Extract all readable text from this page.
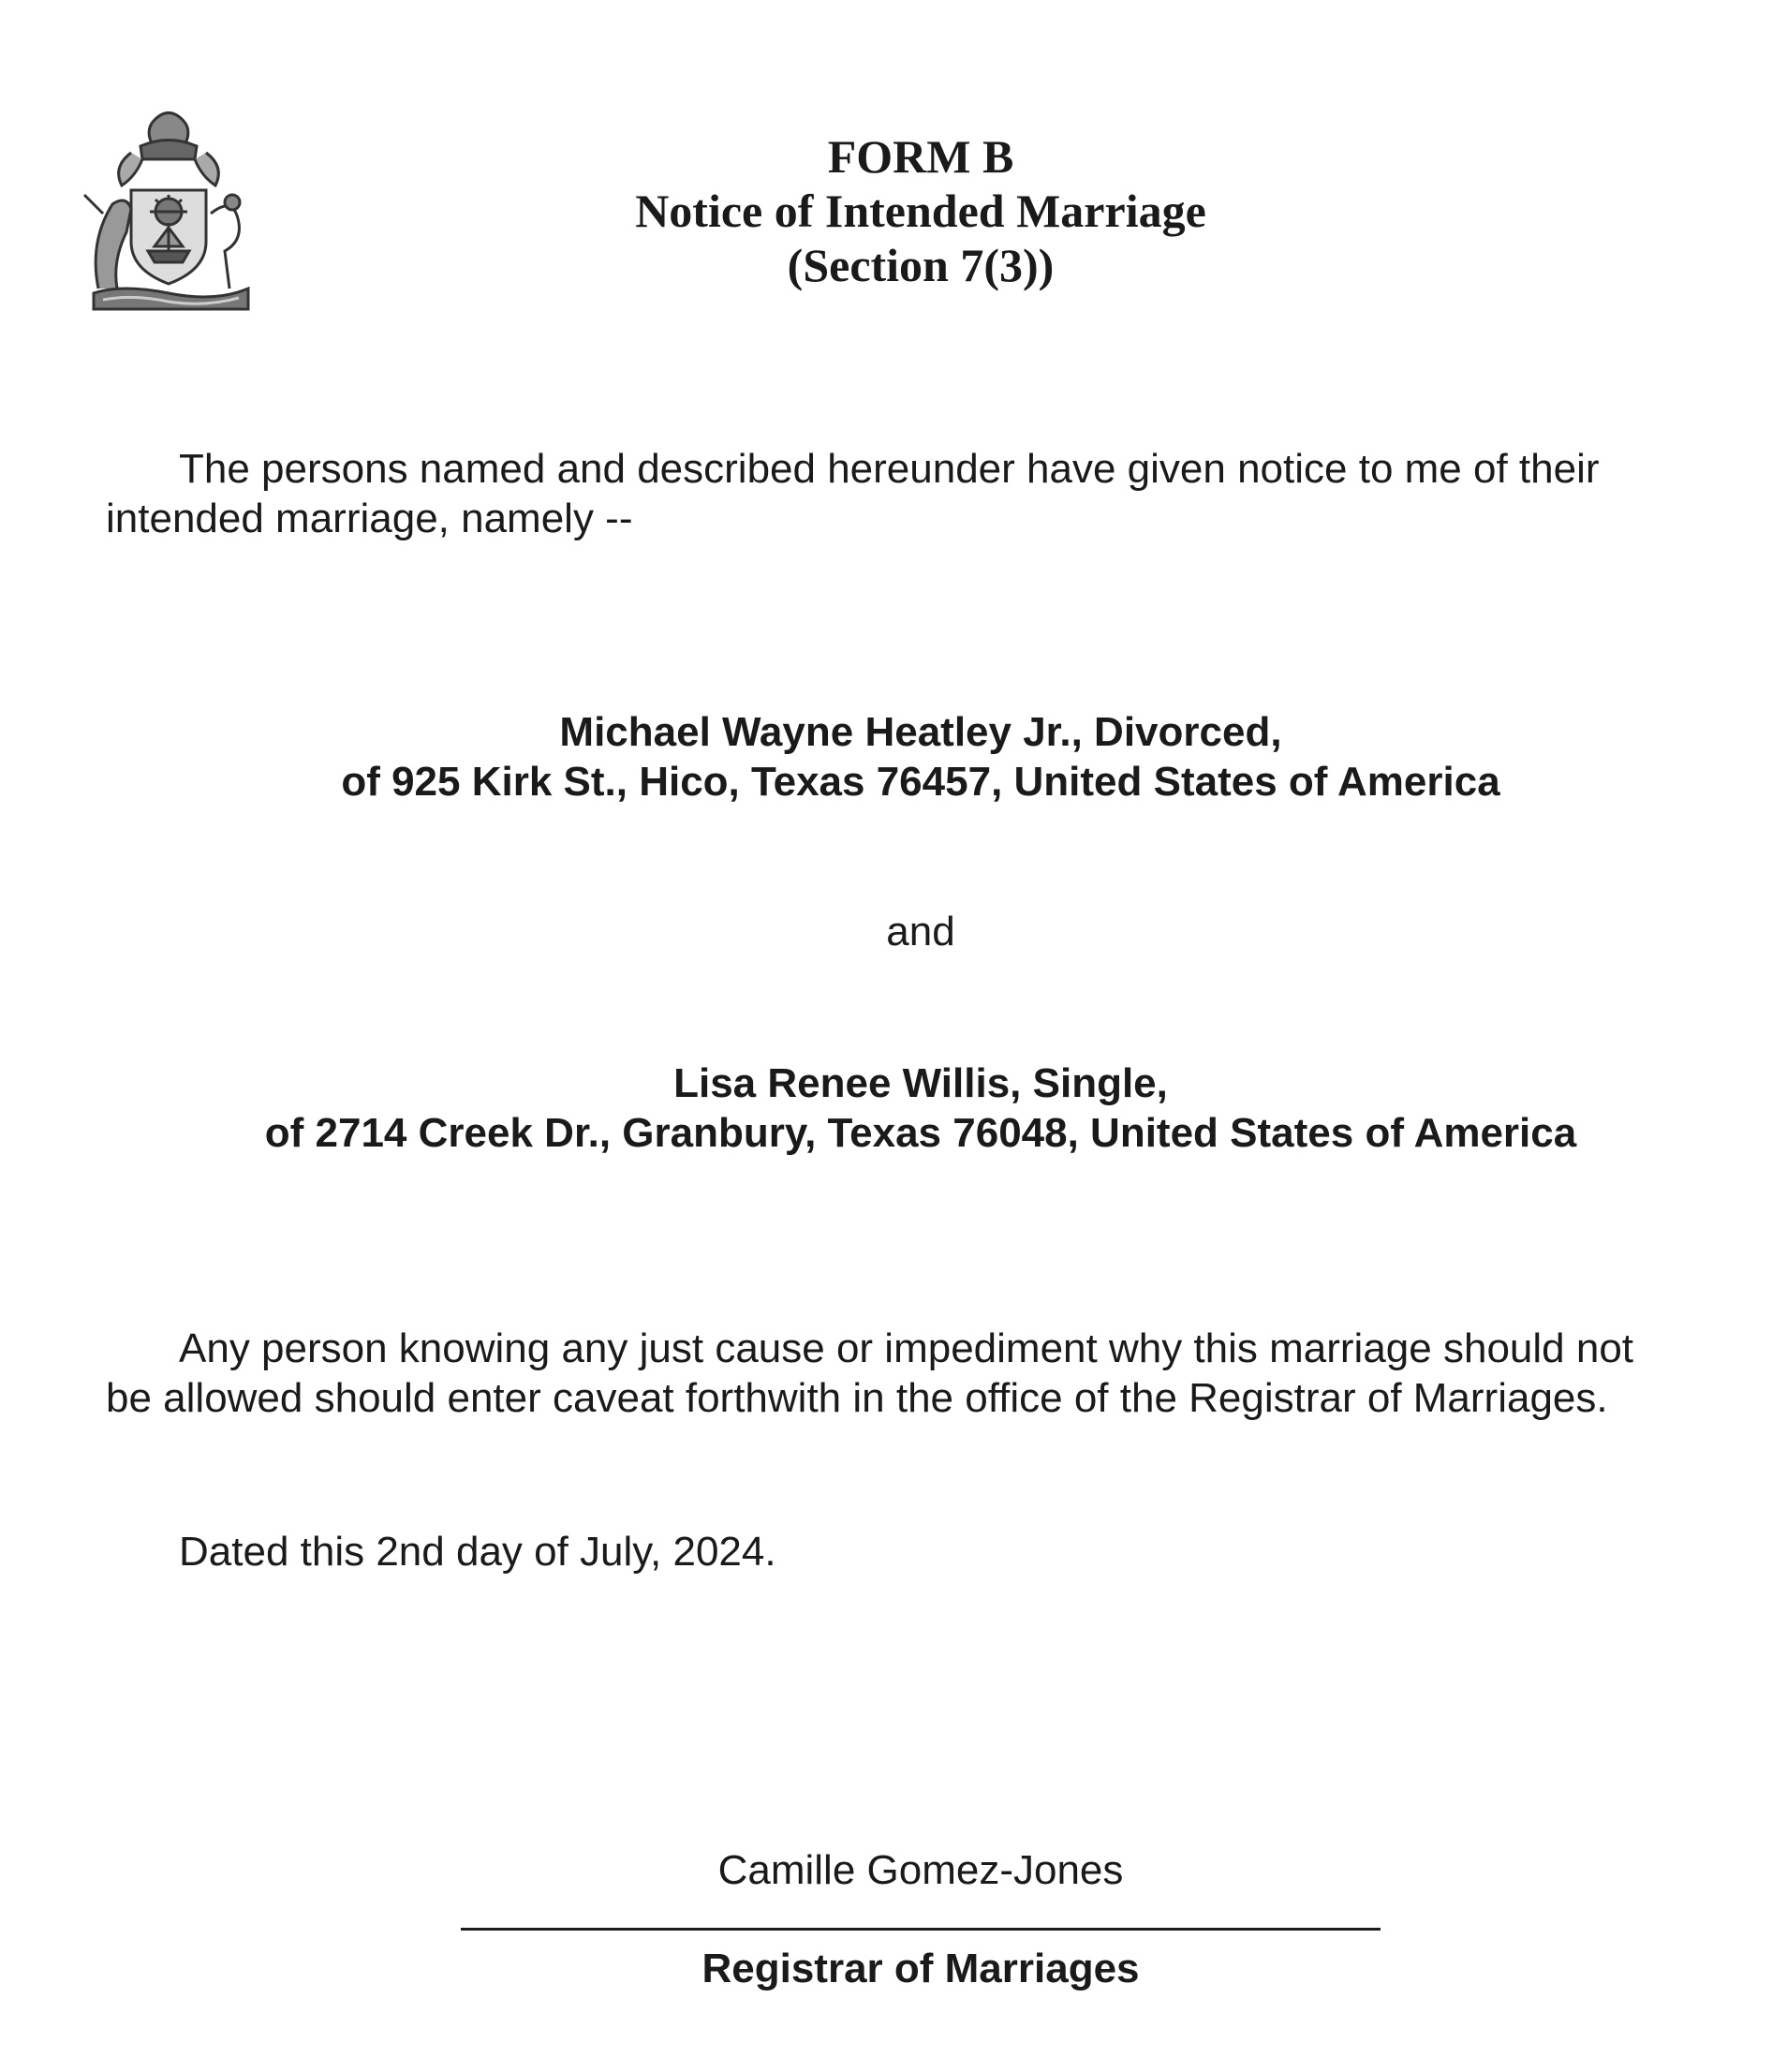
FORM B
Notice of Intended Marriage
(Section 7(3))
The persons named and described hereunder have given notice to me of their
intended marriage, namely --
Michael Wayne Heatley Jr., Divorced,
of 925 Kirk St., Hico, Texas 76457, United States of America
and
Lisa Renee Willis, Single,
of 2714 Creek Dr., Granbury, Texas 76048, United States of America
Any person knowing any just cause or impediment why this marriage should not
be allowed should enter caveat forthwith in the office of the Registrar of Marriages.
Dated this 2nd day of July, 2024.
Camille Gomez-Jones
Registrar of Marriages
